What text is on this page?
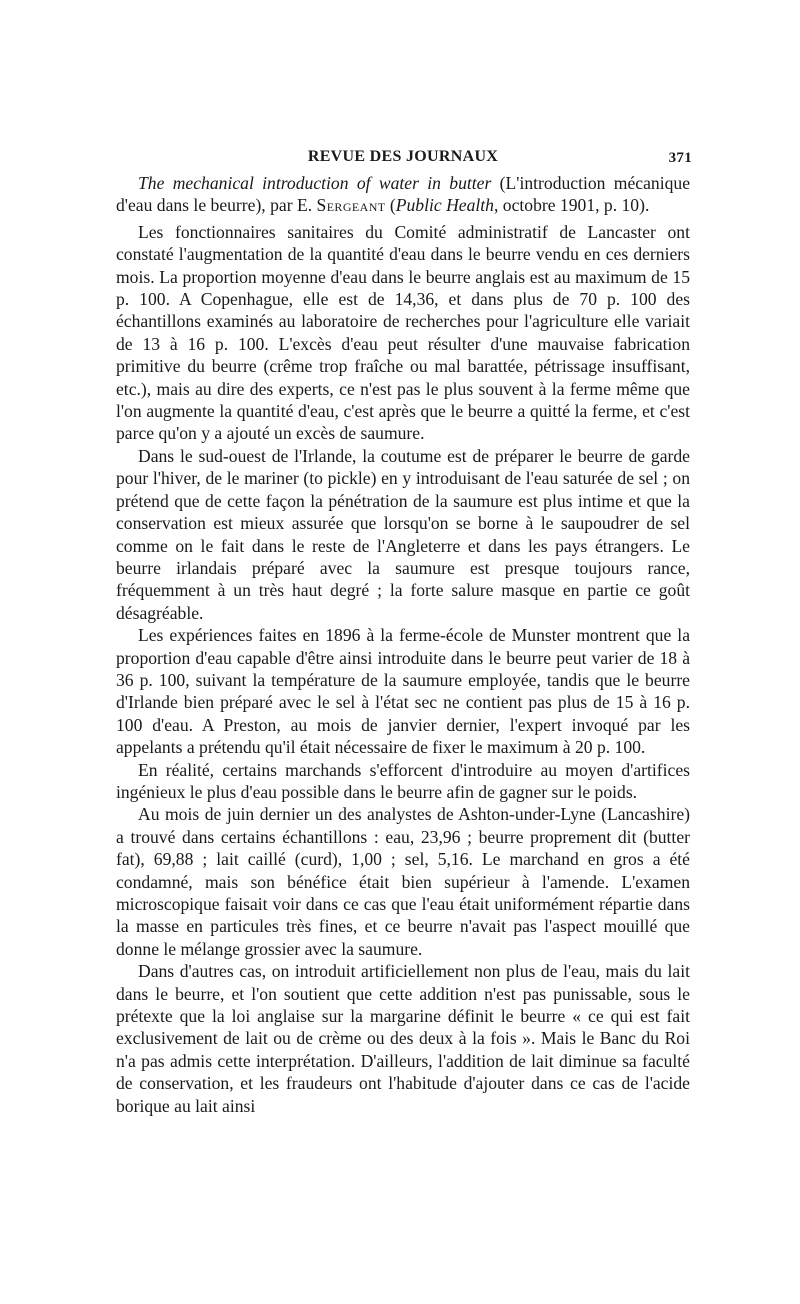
REVUE DES JOURNAUX	371

The mechanical introduction of water in butter (L'introduction mécanique d'eau dans le beurre), par E. Sergeant (Public Health, octobre 1901, p. 10).

Les fonctionnaires sanitaires du Comité administratif de Lancaster ont constaté l'augmentation de la quantité d'eau dans le beurre vendu en ces derniers mois. La proportion moyenne d'eau dans le beurre anglais est au maximum de 15 p. 100. A Copenhague, elle est de 14,36, et dans plus de 70 p. 100 des échantillons examinés au laboratoire de recherches pour l'agriculture elle variait de 13 à 16 p. 100. L'excès d'eau peut résulter d'une mauvaise fabrication primitive du beurre (crême trop fraîche ou mal barattée, pétrissage insuffisant, etc.), mais au dire des experts, ce n'est pas le plus souvent à la ferme même que l'on augmente la quantité d'eau, c'est après que le beurre a quitté la ferme, et c'est parce qu'on y a ajouté un excès de saumure.

Dans le sud-ouest de l'Irlande, la coutume est de préparer le beurre de garde pour l'hiver, de le mariner (to pickle) en y introduisant de l'eau saturée de sel ; on prétend que de cette façon la pénétration de la saumure est plus intime et que la conservation est mieux assurée que lorsqu'on se borne à le saupoudrer de sel comme on le fait dans le reste de l'Angleterre et dans les pays étrangers. Le beurre irlandais préparé avec la saumure est presque toujours rance, fréquemment à un très haut degré ; la forte salure masque en partie ce goût désagréable.

Les expériences faites en 1896 à la ferme-école de Munster montrent que la proportion d'eau capable d'être ainsi introduite dans le beurre peut varier de 18 à 36 p. 100, suivant la température de la saumure employée, tandis que le beurre d'Irlande bien préparé avec le sel à l'état sec ne contient pas plus de 15 à 16 p. 100 d'eau. A Preston, au mois de janvier dernier, l'expert invoqué par les appelants a prétendu qu'il était nécessaire de fixer le maximum à 20 p. 100.

En réalité, certains marchands s'efforcent d'introduire au moyen d'artifices ingénieux le plus d'eau possible dans le beurre afin de gagner sur le poids.

Au mois de juin dernier un des analystes de Ashton-under-Lyne (Lancashire) a trouvé dans certains échantillons : eau, 23,96 ; beurre proprement dit (butter fat), 69,88 ; lait caillé (curd), 1,00 ; sel, 5,16. Le marchand en gros a été condamné, mais son bénéfice était bien supérieur à l'amende. L'examen microscopique faisait voir dans ce cas que l'eau était uniformément répartie dans la masse en particules très fines, et ce beurre n'avait pas l'aspect mouillé que donne le mélange grossier avec la saumure.

Dans d'autres cas, on introduit artificiellement non plus de l'eau, mais du lait dans le beurre, et l'on soutient que cette addition n'est pas punissable, sous le prétexte que la loi anglaise sur la margarine définit le beurre « ce qui est fait exclusivement de lait ou de crème ou des deux à la fois ». Mais le Banc du Roi n'a pas admis cette interprétation. D'ailleurs, l'addition de lait diminue sa faculté de conservation, et les fraudeurs ont l'habitude d'ajouter dans ce cas de l'acide borique au lait ainsi
